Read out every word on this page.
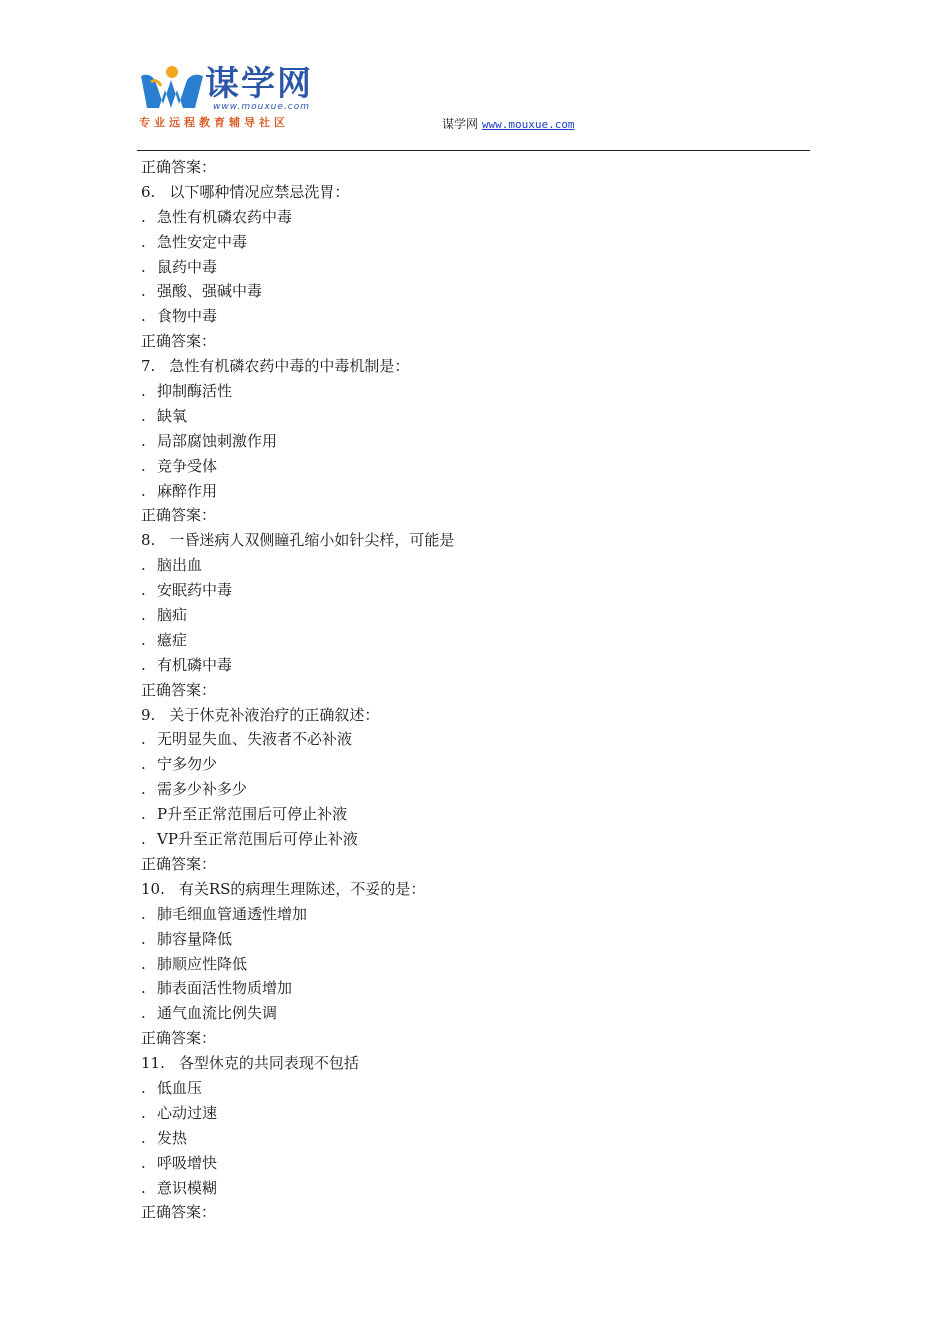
谋学网
www.mouxue.com
专业远程教育辅导社区	谋学网 www.mouxue.com
正确答案：
6. 以下哪种情况应禁忌洗胃：
. 急性有机磷农药中毒
. 急性安定中毒
. 鼠药中毒
. 强酸、强碱中毒
. 食物中毒
正确答案：
7. 急性有机磷农药中毒的中毒机制是：
. 抑制酶活性
. 缺氧
. 局部腐蚀刺激作用
. 竞争受体
. 麻醉作用
正确答案：
8. 一昏迷病人双侧瞳孔缩小如针尖样，可能是
. 脑出血
. 安眠药中毒
. 脑疝
. 癔症
. 有机磷中毒
正确答案：
9. 关于休克补液治疗的正确叙述：
. 无明显失血、失液者不必补液
. 宁多勿少
. 需多少补多少
. P升至正常范围后可停止补液
. VP升至正常范围后可停止补液
正确答案：
10. 有关RS的病理生理陈述，不妥的是：
. 肺毛细血管通透性增加
. 肺容量降低
. 肺顺应性降低
. 肺表面活性物质增加
. 通气血流比例失调
正确答案：
11. 各型休克的共同表现不包括
. 低血压
. 心动过速
. 发热
. 呼吸增快
. 意识模糊
正确答案：
